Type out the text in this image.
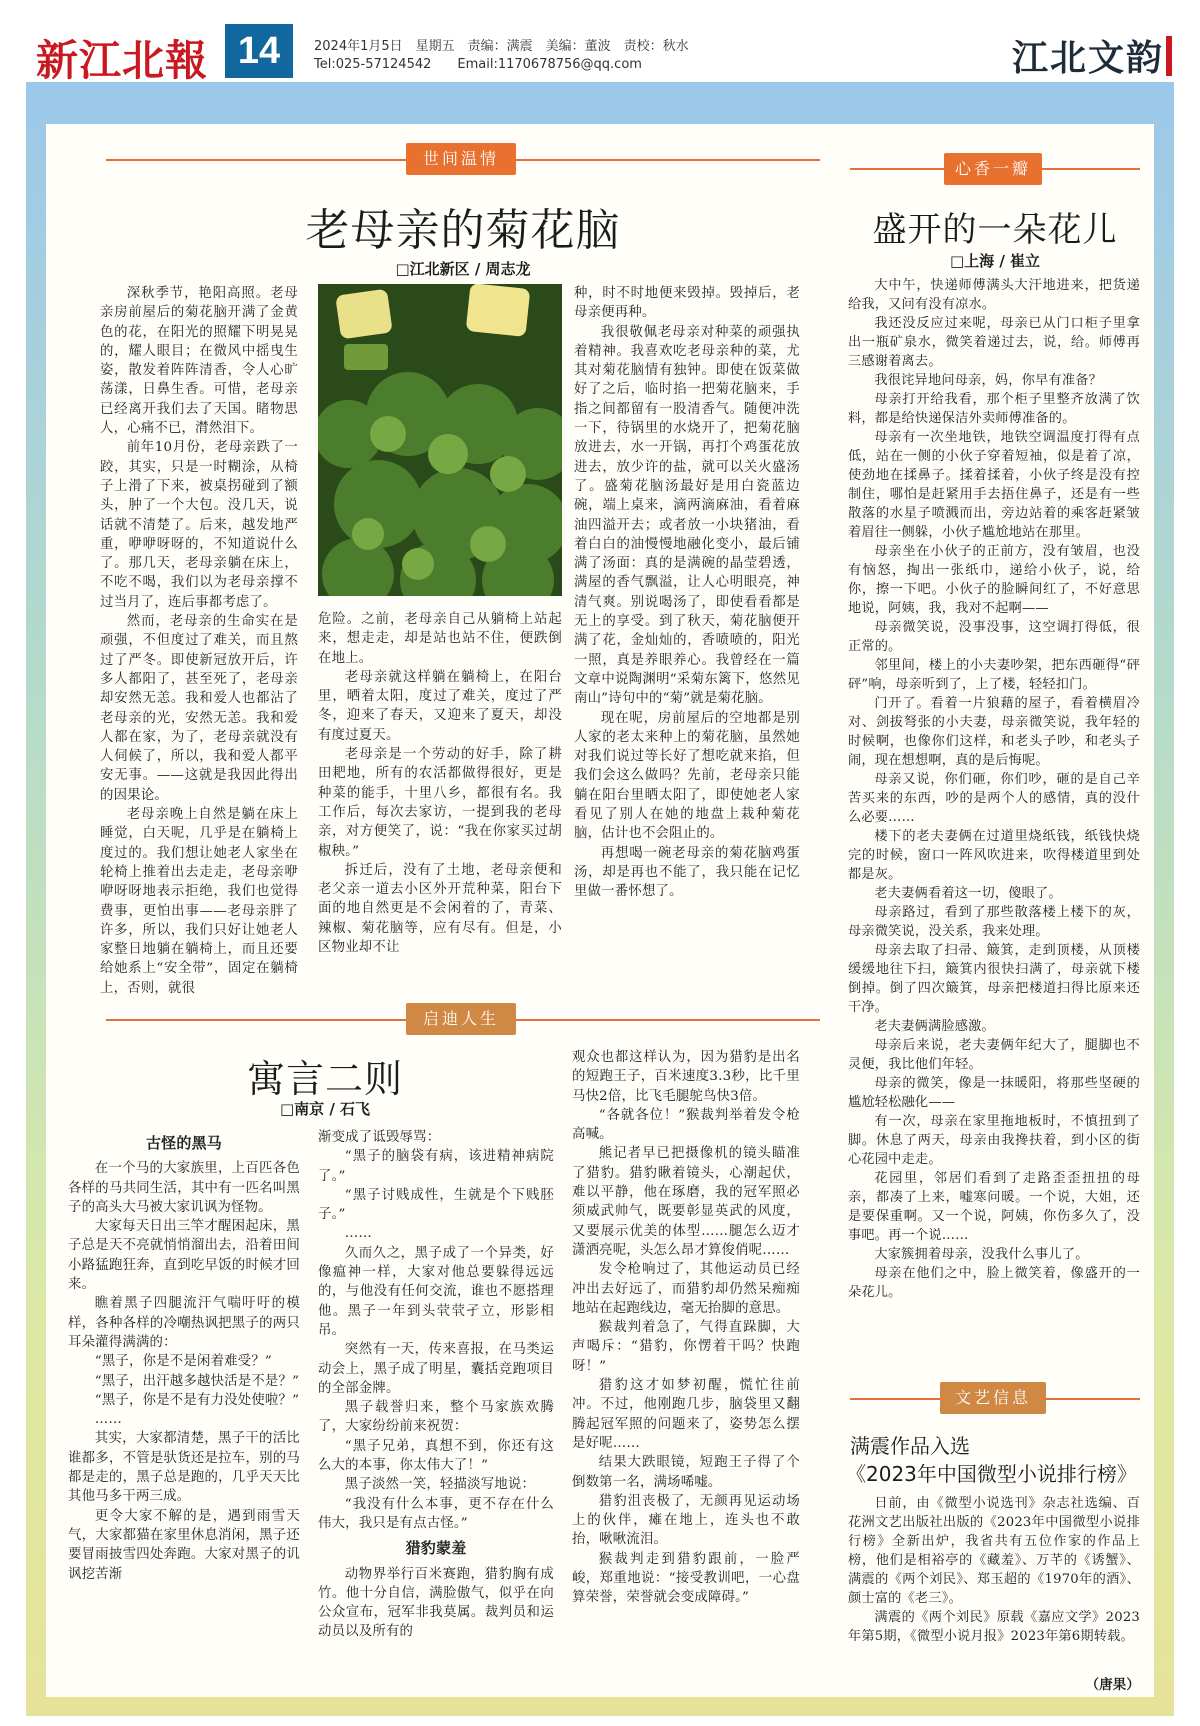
新江北報 14	2024年1月5日　星期五　责编：满震　美编：董波　责校：秋水
Tel:025-57124542　　Email:1170678756@qq.com	江北文韵
世间温情
老母亲的菊花脑
□江北新区 / 周志龙

深秋季节，艳阳高照。老母亲房前屋后的菊花脑开满了金黄色的花，在阳光的照耀下明晃晃的，耀人眼目；在微风中摇曳生姿，散发着阵阵清香，令人心旷荡漾，日鼻生香。可惜，老母亲已经离开我们去了天国。睹物思人，心痛不已，潸然泪下。

前年10月份，老母亲跌了一跤，其实，只是一时糊涂，从椅子上滑了下来，被桌拐碰到了额头，肿了一个大包。没几天，说话就不清楚了。后来，越发地严重，咿咿呀呀的，不知道说什么了。那几天，老母亲躺在床上，不吃不喝，我们以为老母亲撑不过当月了，连后事都考虑了。

然而，老母亲的生命实在是顽强，不但度过了难关，而且熬过了严冬。即使新冠放开后，许多人都阳了，甚至死了，老母亲却安然无恙。我和爱人也都沾了老母亲的光，安然无恙。我和爱人都在家，为了，老母亲就没有人伺候了，所以，我和爱人都平安无事。——这就是我因此得出的因果论。

老母亲晚上自然是躺在床上睡觉，白天呢，几乎是在躺椅上度过的。我们想让她老人家坐在轮椅上推着出去走走，老母亲咿咿呀呀地表示拒绝，我们也觉得费事，更怕出事——老母亲胖了许多，所以，我们只好让她老人家整日地躺在躺椅上，而且还要给她系上“安全带”，固定在躺椅上，否则，就很

危险。之前，老母亲自己从躺椅上站起来，想走走，却是站也站不住，便跌倒在地上。

老母亲就这样躺在躺椅上，在阳台里，晒着太阳，度过了难关，度过了严冬，迎来了春天，又迎来了夏天，却没有度过夏天。

老母亲是一个劳动的好手，除了耕田耙地，所有的农活都做得很好，更是种菜的能手，十里八乡，都很有名。我工作后，每次去家访，一提到我的老母亲，对方便笑了，说：“我在你家买过胡椒秧。”

拆迁后，没有了土地，老母亲便和老父亲一道去小区外开荒种菜，阳台下面的地自然更是不会闲着的了，青菜、辣椒、菊花脑等，应有尽有。但是，小区物业却不让

种，时不时地便来毁掉。毁掉后，老母亲便再种。

我很敬佩老母亲对种菜的顽强执着精神。我喜欢吃老母亲种的菜，尤其对菊花脑情有独钟。即使在饭菜做好了之后，临时掐一把菊花脑来，手指之间都留有一股清香气。随便冲洗一下，待锅里的水烧开了，把菊花脑放进去，水一开锅，再打个鸡蛋花放进去，放少许的盐，就可以关火盛汤了。盛菊花脑汤最好是用白瓷蓝边碗，端上桌来，滴两滴麻油，看着麻油四溢开去；或者放一小块猪油，看着白白的油慢慢地融化变小，最后铺满了汤面：真的是满碗的晶莹碧透，满屋的香气飘溢，让人心明眼亮，神清气爽。别说喝汤了，即使看看都是无上的享受。到了秋天，菊花脑便开满了花，金灿灿的，香喷喷的，阳光一照，真是养眼养心。我曾经在一篇文章中说陶渊明“采菊东篱下，悠然见南山”诗句中的“菊”就是菊花脑。

现在呢，房前屋后的空地都是别人家的老太来种上的菊花脑，虽然她对我们说过等长好了想吃就来掐，但我们会这么做吗？先前，老母亲只能躺在阳台里晒太阳了，即使她老人家看见了别人在她的地盘上栽种菊花脑，估计也不会阻止的。

再想喝一碗老母亲的菊花脑鸡蛋汤，却是再也不能了，我只能在记忆里做一番怀想了。

启迪人生
寓言二则
□南京 / 石飞
古怪的黑马

在一个马的大家族里，上百匹各色各样的马共同生活，其中有一匹名叫黑子的高头大马被大家讥讽为怪物。

大家每天日出三竿才醒困起床，黑子总是天不亮就悄悄溜出去，沿着田间小路猛跑狂奔，直到吃早饭的时候才回来。

瞧着黑子四腿流汗气喘吁吁的模样，各种各样的冷嘲热讽把黑子的两只耳朵灌得满满的：

“黑子，你是不是闲着难受？”

“黑子，出汗越多越快活是不是？”

“黑子，你是不是有力没处使啦？”

……

其实，大家都清楚，黑子干的活比谁都多，不管是驮货还是拉车，别的马都是走的，黑子总是跑的，几乎天天比其他马多干两三成。

更令大家不解的是，遇到雨雪天气，大家都猫在家里休息消闲，黑子还要冒雨披雪四处奔跑。大家对黑子的讥讽挖苦渐

渐变成了诋毁辱骂：

“黑子的脑袋有病，该进精神病院了。”

“黑子讨贱成性，生就是个下贱胚子。”

……

久而久之，黑子成了一个异类，好像瘟神一样，大家对他总要躲得远远的，与他没有任何交流，谁也不愿搭理他。黑子一年到头茕茕孑立，形影相吊。

突然有一天，传来喜报，在马类运动会上，黑子成了明星，囊括竞跑项目的全部金牌。

黑子载誉归来，整个马家族欢腾了，大家纷纷前来祝贺：

“黑子兄弟，真想不到，你还有这么大的本事，你太伟大了！”

黑子淡然一笑，轻描淡写地说：

“我没有什么本事，更不存在什么伟大，我只是有点古怪。”

猎豹蒙羞

动物界举行百米赛跑，猎豹胸有成竹。他十分自信，满脸傲气，似乎在向公众宣布，冠军非我莫属。裁判员和运动员以及所有的

观众也都这样认为，因为猎豹是出名的短跑王子，百米速度3.3秒，比千里马快2倍，比飞毛腿鸵鸟快3倍。

“各就各位！”猴裁判举着发令枪高喊。

熊记者早已把摄像机的镜头瞄准了猎豹。猎豹瞅着镜头，心潮起伏，难以平静，他在琢磨，我的冠军照必须威武帅气，既要彰显英武的风度，又要展示优美的体型……腿怎么迈才潇洒亮呢，头怎么昂才算俊俏呢……

发令枪响过了，其他运动员已经冲出去好远了，而猎豹却仍然呆痴痴地站在起跑线边，毫无抬脚的意思。

猴裁判着急了，气得直跺脚，大声喝斥：“猎豹，你愣着干吗？快跑呀！”

猎豹这才如梦初醒，慌忙往前冲。不过，他刚跑几步，脑袋里又翻腾起冠军照的问题来了，姿势怎么摆是好呢……

结果大跌眼镜，短跑王子得了个倒数第一名，满场唏嘘。

猎豹沮丧极了，无颜再见运动场上的伙伴，瘫在地上，连头也不敢抬，啾啾流泪。

猴裁判走到猎豹跟前，一脸严峻，郑重地说：“接受教训吧，一心盘算荣誉，荣誉就会变成障碍。”

心香一瓣
盛开的一朵花儿
□上海 / 崔立

大中午，快递师傅满头大汗地进来，把货递给我，又问有没有凉水。

我还没反应过来呢，母亲已从门口柜子里拿出一瓶矿泉水，微笑着递过去，说，给。师傅再三感谢着离去。

我很诧异地问母亲，妈，你早有准备？

母亲打开给我看，那个柜子里整齐放满了饮料，都是给快递保洁外卖师傅准备的。

母亲有一次坐地铁，地铁空调温度打得有点低，站在一侧的小伙子穿着短袖，似是着了凉，使劲地在揉鼻子。揉着揉着，小伙子终是没有控制住，哪怕是赶紧用手去捂住鼻子，还是有一些散落的水星子喷溅而出，旁边站着的乘客赶紧皱着眉往一侧躲，小伙子尴尬地站在那里。

母亲坐在小伙子的正前方，没有皱眉，也没有恼怒，掏出一张纸巾，递给小伙子，说，给你，擦一下吧。小伙子的脸瞬间红了，不好意思地说，阿姨，我，我对不起啊——

母亲微笑说，没事没事，这空调打得低，很正常的。

邻里间，楼上的小夫妻吵架，把东西砸得“砰砰”响，母亲听到了，上了楼，轻轻扣门。

门开了。看着一片狼藉的屋子，看着横眉冷对、剑拔弩张的小夫妻，母亲微笑说，我年轻的时候啊，也像你们这样，和老头子吵，和老头子闹，现在想想啊，真的是后悔呢。

母亲又说，你们砸，你们吵，砸的是自己辛苦买来的东西，吵的是两个人的感情，真的没什么必要……

楼下的老夫妻俩在过道里烧纸钱，纸钱快烧完的时候，窗口一阵风吹进来，吹得楼道里到处都是灰。

老夫妻俩看着这一切，傻眼了。

母亲路过，看到了那些散落楼上楼下的灰，母亲微笑说，没关系，我来处理。

母亲去取了扫帚、簸箕，走到顶楼，从顶楼缓缓地往下扫，簸箕内很快扫满了，母亲就下楼倒掉。倒了四次簸箕，母亲把楼道扫得比原来还干净。

老夫妻俩满脸感激。

母亲后来说，老夫妻俩年纪大了，腿脚也不灵便，我比他们年轻。

母亲的微笑，像是一抹暖阳，将那些坚硬的尴尬轻松融化——

有一次，母亲在家里拖地板时，不慎扭到了脚。休息了两天，母亲由我搀扶着，到小区的街心花园中走走。

花园里，邻居们看到了走路歪歪扭扭的母亲，都凑了上来，嘘寒问暖。一个说，大姐，还是要保重啊。又一个说，阿姨，你伤多久了，没事吧。再一个说……

大家簇拥着母亲，没我什么事儿了。

母亲在他们之中，脸上微笑着，像盛开的一朵花儿。

文艺信息
满震作品入选
《2023年中国微型小说排行榜》

日前，由《微型小说选刊》杂志社选编、百花洲文艺出版社出版的《2023年中国微型小说排行榜》全新出炉，我省共有五位作家的作品上榜，他们是相裕亭的《藏羞》、万芊的《诱蟹》、满震的《两个刘民》、郑玉超的《1970年的酒》、颜士富的《老三》。

满震的《两个刘民》原载《嘉应文学》2023年第5期，《微型小说月报》2023年第6期转载。

（唐果）
